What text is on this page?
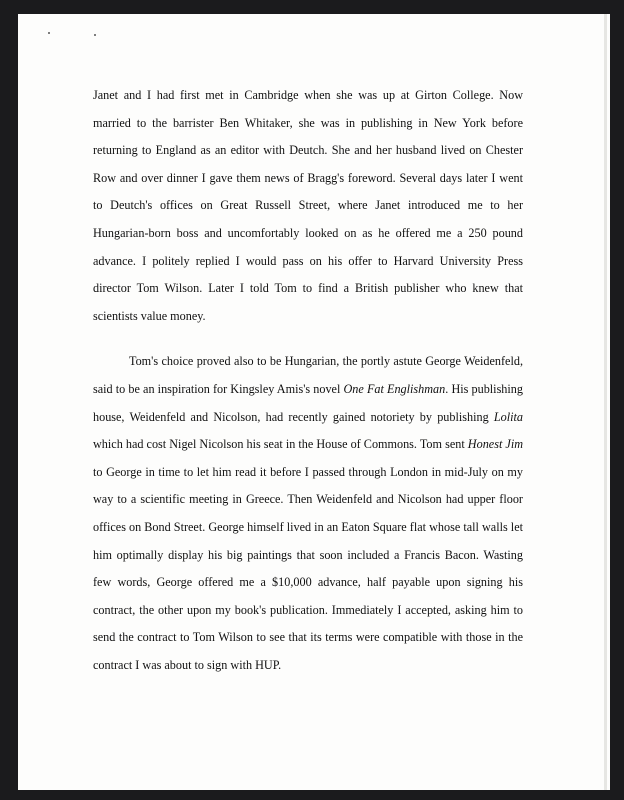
Janet and I had first met in Cambridge when she was up at Girton College. Now married to the barrister Ben Whitaker, she was in publishing in New York before returning to England as an editor with Deutch. She and her husband lived on Chester Row and over dinner I gave them news of Bragg's foreword. Several days later I went to Deutch's offices on Great Russell Street, where Janet introduced me to her Hungarian-born boss and uncomfortably looked on as he offered me a 250 pound advance. I politely replied I would pass on his offer to Harvard University Press director Tom Wilson. Later I told Tom to find a British publisher who knew that scientists value money.

Tom's choice proved also to be Hungarian, the portly astute George Weidenfeld, said to be an inspiration for Kingsley Amis's novel One Fat Englishman. His publishing house, Weidenfeld and Nicolson, had recently gained notoriety by publishing Lolita which had cost Nigel Nicolson his seat in the House of Commons. Tom sent Honest Jim to George in time to let him read it before I passed through London in mid-July on my way to a scientific meeting in Greece. Then Weidenfeld and Nicolson had upper floor offices on Bond Street. George himself lived in an Eaton Square flat whose tall walls let him optimally display his big paintings that soon included a Francis Bacon. Wasting few words, George offered me a $10,000 advance, half payable upon signing his contract, the other upon my book's publication. Immediately I accepted, asking him to send the contract to Tom Wilson to see that its terms were compatible with those in the contract I was about to sign with HUP.
